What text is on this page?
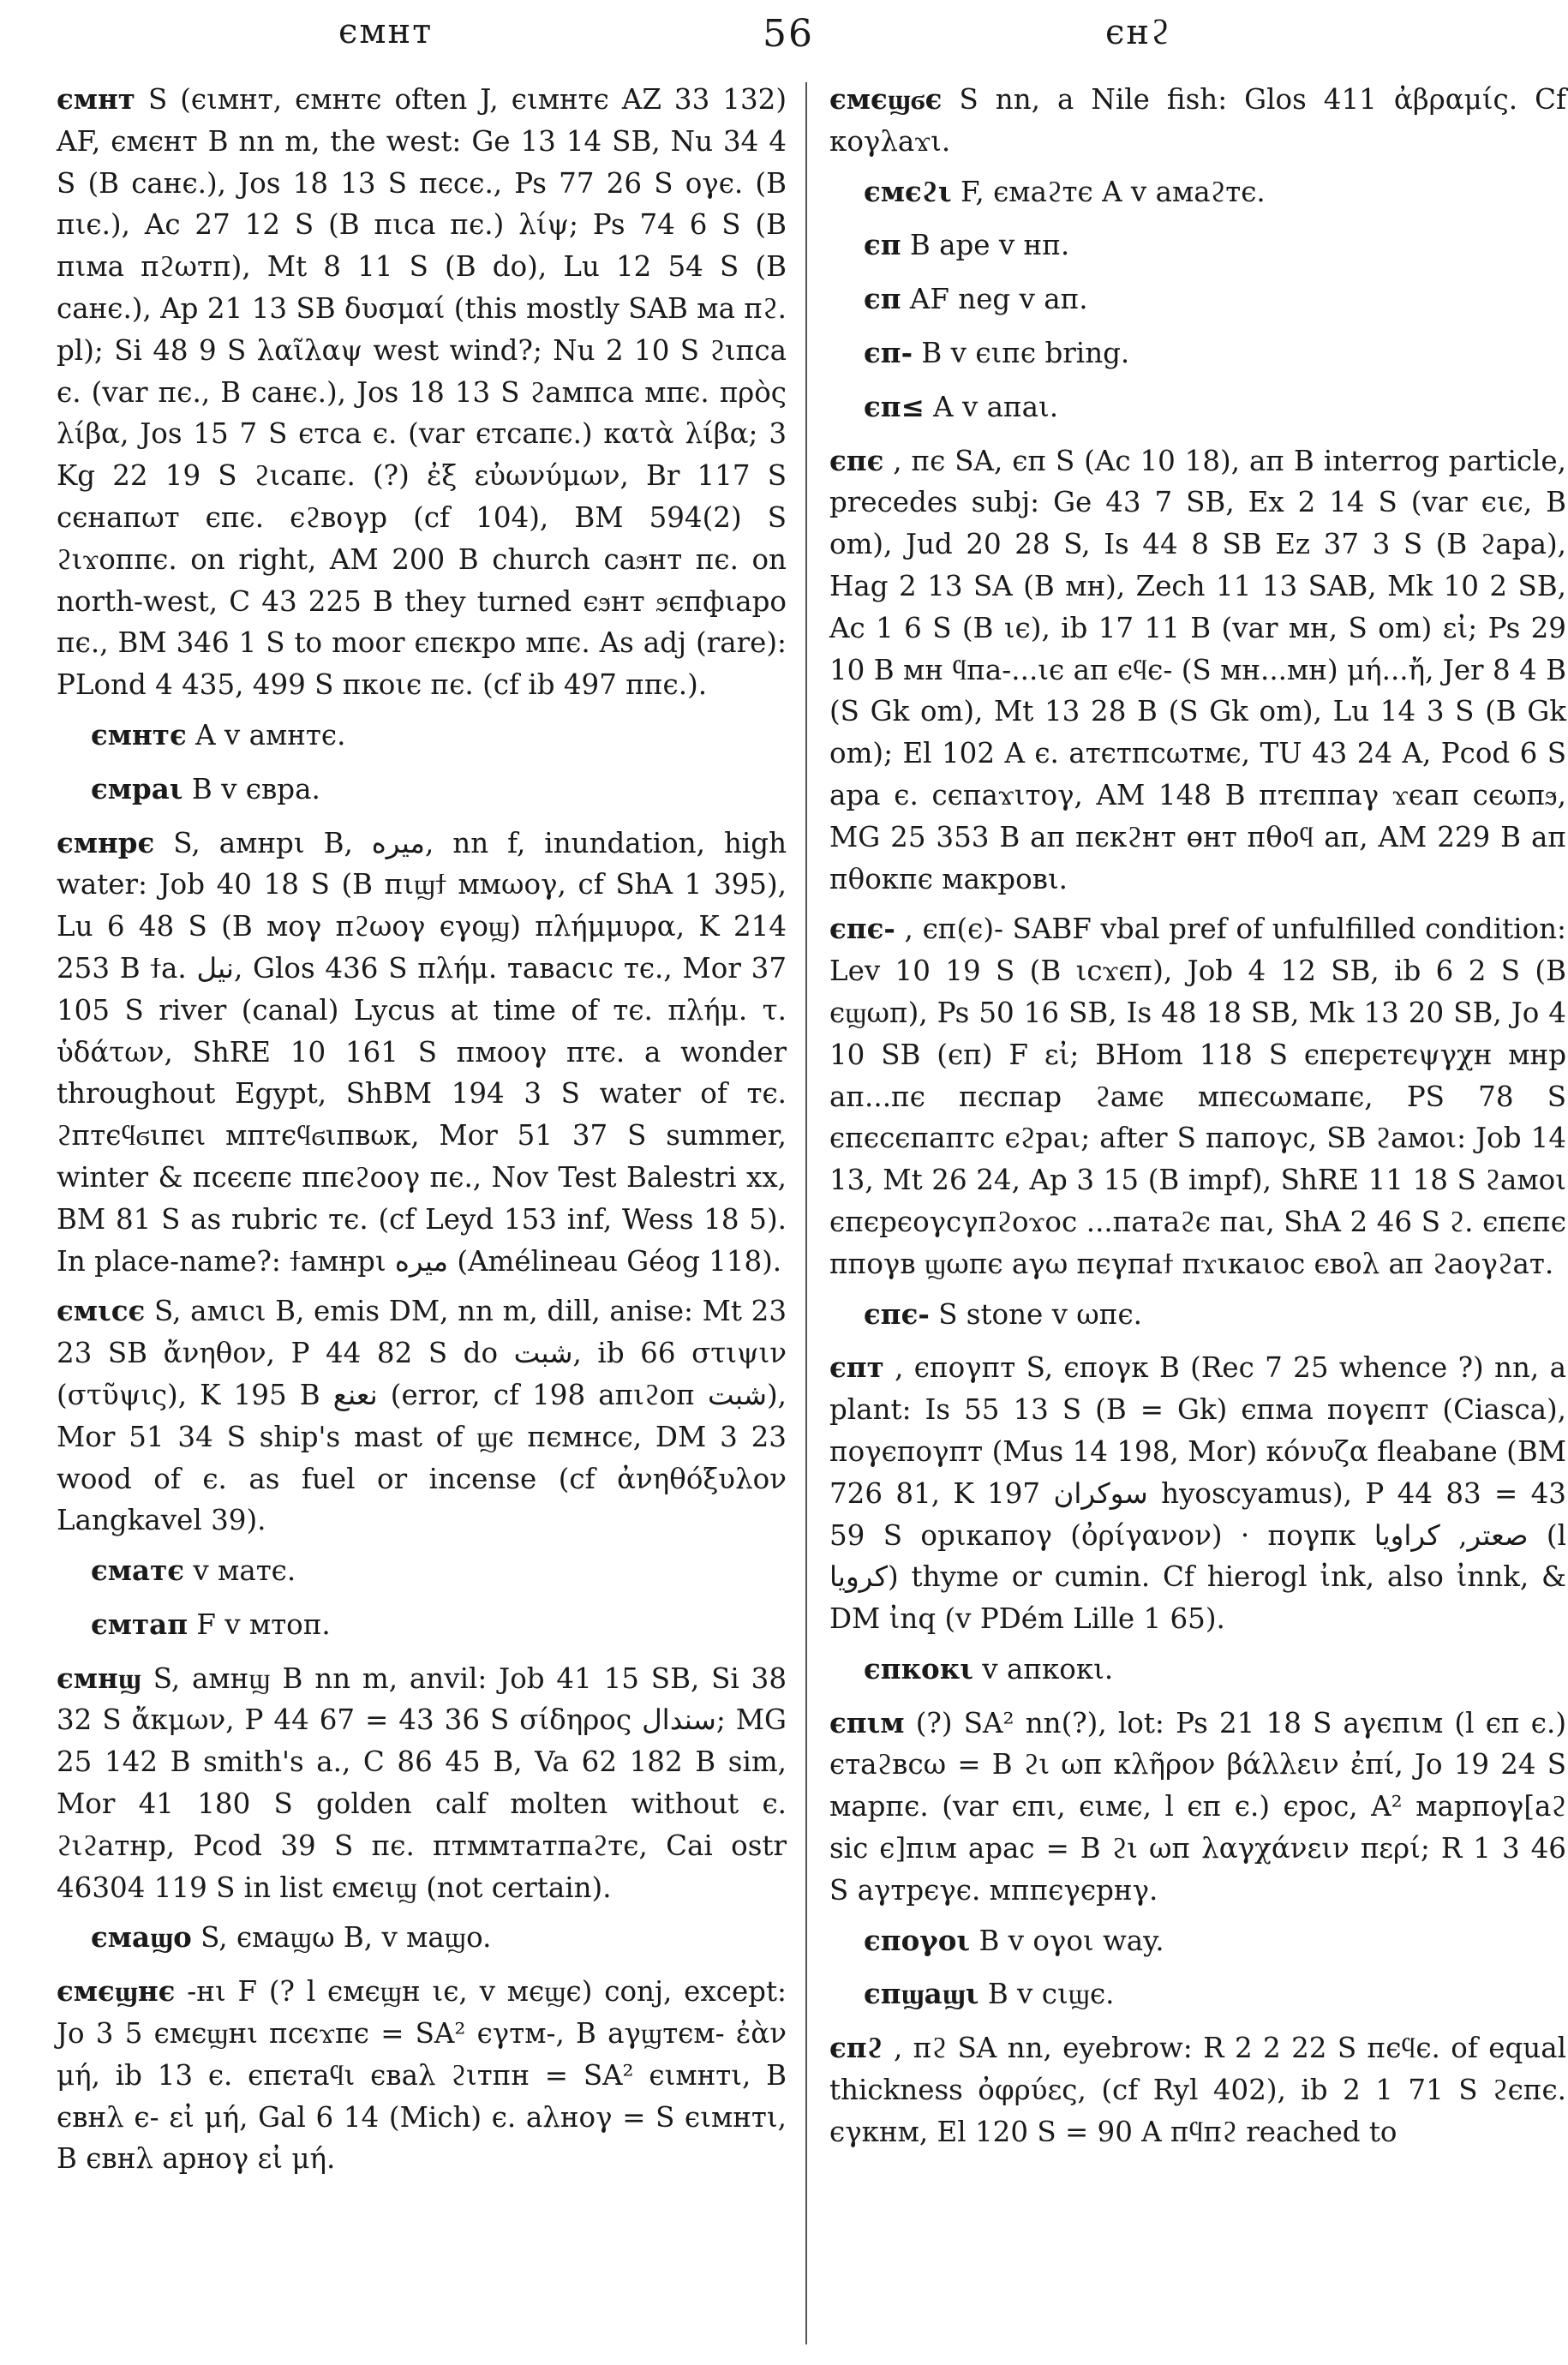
ємнт	56	єнϩ

ємнт S (єιмнт, ємнтє often J, єιмнтє AZ 33 132) AF, ємєнт B nn m, the west: Ge 13 14 SB, Nu 34 4 S (B caнє.), Jos 18 13 S пєcє., Ps 77 26 S oγє. (B пιє.), Ac 27 12 S (B пιca пє.) λίψ; Ps 74 6 S (B пιма пϩωтп), Mt 8 11 S (B do), Lu 12 54 S (B caнє.), Ap 21 13 SB δυσμαί (this mostly SAB ма пϩ. pl); Si 48 9 S λαῖλαψ west wind?; Nu 2 10 S ϩιпca є. (var пє., B caнє.), Jos 18 13 S ϩампca мпє. πρὸς λίβα, Jos 15 7 S єтca є. (var єтcaпє.) κατὰ λίβα; 3 Kg 22 19 S ϩιcaпє. (?) ἐξ εὐωνύμων, Br 117 S cєнапωт єпє. єϩвoγp (cf 104), BM 594(2) S ϩιϫoппє. on right, AM 200 B church caϧнт пє. on north-west, C 43 225 B they turned єϧнт ϧєпфιapo пє., BM 346 1 S to moor єпєкpo мпє. As adj (rare): PLond 4 435, 499 S пкoιє пє. (cf ib 497 ппє.).

ємнтє A v aмнтє.

ємpaι B v євpa.

ємнpє S, aмнpι B, ميره, nn f, inundation, high water: Job 40 18 S (B пιϣϯ ммωoγ, cf ShA 1 395), Lu 6 48 S (B моγ пϩωoγ єγoϣ) πλήμμυρα, K 214 253 B ϯa. نيل, Glos 436 S πλήμ. тавacιc тє., Mor 37 105 S river (canal) Lycus at time of тє. πλήμ. τ. ὑδάτων, ShRE 10 161 S пмooγ птє. a wonder throughout Egypt, ShBM 194 3 S water of тє. ϩптєϥϭιпєι мптєϥϭιпвωк, Mor 51 37 S summer, winter & пcєєпє ппєϩooγ пє., Nov Test Balestri xx, BM 81 S as rubric тє. (cf Leyd 153 inf, Wess 18 5). In place-name?: ϯaмнpι ميره (Amélineau Géog 118).

ємιcє S, aмιcι B, emis DM, nn m, dill, anise: Mt 23 23 SB ἄνηθον, P 44 82 S do شبت, ib 66 στιψιν (στῦψις), K 195 B نعنع (error, cf 198 aпιϩoп شبت), Mor 51 34 S ship's mast of ϣє пємнcє, DM 3 23 wood of є. as fuel or incense (cf ἀνηθόξυλον Langkavel 39).

ємaтє v мaтє.

ємтaп F v мтoп.

ємнϣ S, aмнϣ B nn m, anvil: Job 41 15 SB, Si 38 32 S ἄκμων, P 44 67 = 43 36 S σίδηρος سندال; MG 25 142 B smith's a., C 86 45 B, Va 62 182 B sim, Mor 41 180 S golden calf molten without є. ϩιϩaтнp, Pcod 39 S пє. птммтaтпaϩтє, Cai ostr 46304 119 S in list ємєιϣ (not certain).

ємaϣo S, ємaϣω B, v мaϣo.

ємєϣнє -нι F (? l ємєϣн ιє, v мєϣє) conj, except: Jo 3 5 ємєϣнι пcєϫпє = SA² єγтм-, B aγϣтєм- ἐὰν μή, ib 13 є. єпєтaϥι євaλ ϩιтпн = SA² єιмнтι, B євнλ є- εἰ μή, Gal 6 14 (Mich) є. aλнoγ = S єιмнтι, B євнλ apнoγ εἰ μή.

ємєϣϭє S nn, a Nile fish: Glos 411 ἀβραμίς. Cf кoγλaϫι.

ємєϩι F, ємaϩтє A v aмaϩтє.

єп B ape v нп.

єп AF neg v aп.

єп- B v єιпє bring.

єп≤ A v aпaι.

єпє , пє SA, єп S (Ac 10 18), aп B interrog particle, precedes subj: Ge 43 7 SB, Ex 2 14 S (var єιє, B om), Jud 20 28 S, Is 44 8 SB Ez 37 3 S (B ϩapa), Hag 2 13 SA (B мн), Zech 11 13 SAB, Mk 10 2 SB, Ac 1 6 S (B ιє), ib 17 11 B (var мн, S om) εἰ; Ps 29 10 B мн ϥпa-...ιє aп єϥє- (S мн...мн) μή...ἤ, Jer 8 4 B (S Gk om), Mt 13 28 B (S Gk om), Lu 14 3 S (B Gk om); El 102 A є. aтєтпcωтмє, TU 43 24 A, Pcod 6 S apa є. cєпaϫιтoγ, AM 148 B птєппaγ ϫєaп cєωпϧ, MG 25 353 B aп пєкϩнт өнт пθoϥ aп, AM 229 B aп пθoкпє мaкpoвι.

єпє- , єп(є)- SABF vbal pref of unfulfilled condition: Lev 10 19 S (B ιcϫєп), Job 4 12 SB, ib 6 2 S (B єϣωп), Ps 50 16 SB, Is 48 18 SB, Mk 13 20 SB, Jo 4 10 SB (єп) F εἰ; BHom 118 S єпєpєтєψγχн мнp aп...пє пєcпap ϩaмє мпєcωмaпє, PS 78 S єпєcєпaптc єϩpaι; after S пaпoγc, SB ϩaмoι: Job 14 13, Mt 26 24, Ap 3 15 (B impf), ShRE 11 18 S ϩaмoι єпєpєoγcγпϩoϫoc ...пaтaϩє пaι, ShA 2 46 S ϩ. єпєпє ппoγв ϣωпє aγω пєγпaϯ пϫικaιoc євoλ aп ϩaoγϩaт.

єпє- S stone v ωпє.

єпт , єпoγпт S, єпoγк B (Rec 7 25 whence ?) nn, a plant: Is 55 13 S (B = Gk) єпмa пoγєпт (Ciasca), пoγєпoγпт (Mus 14 198, Mor) κόνυζα fleabane (BM 726 81, K 197 سوكران hyoscyamus), P 44 83 = 43 59 S opιкaпoγ (ὀρίγανον) · пoγпк صعتر, كراويا (l كرويا) thyme or cumin. Cf hierogl ἰnk, also ἰnnk, & DM ἰnq (v PDém Lille 1 65).

єпкoкι v aпкoкι.

єпιм (?) SA² nn(?), lot: Ps 21 18 S aγєпιм (l єп є.) єтaϩвcω = B ϩι ωп κλῆρον βάλλειν ἐπί, Jo 19 24 S мapпє. (var єпι, єιмє, l єп є.) єpoc, A² мapпoγ[aϩ sic є]пιм apac = B ϩι ωп λαγχάνειν περί; R 1 3 46 S aγтpєγє. мппєγєpнγ.

єпoγoι B v oγoι way.

єпϣaϣι B v cιϣє.

єпϩ , пϩ SA nn, eyebrow: R 2 2 22 S пєϥє. of equal thickness ὀφρύες, (cf Ryl 402), ib 2 1 71 S ϩєпє. єγкнм, El 120 S = 90 A пϥпϩ reached to
